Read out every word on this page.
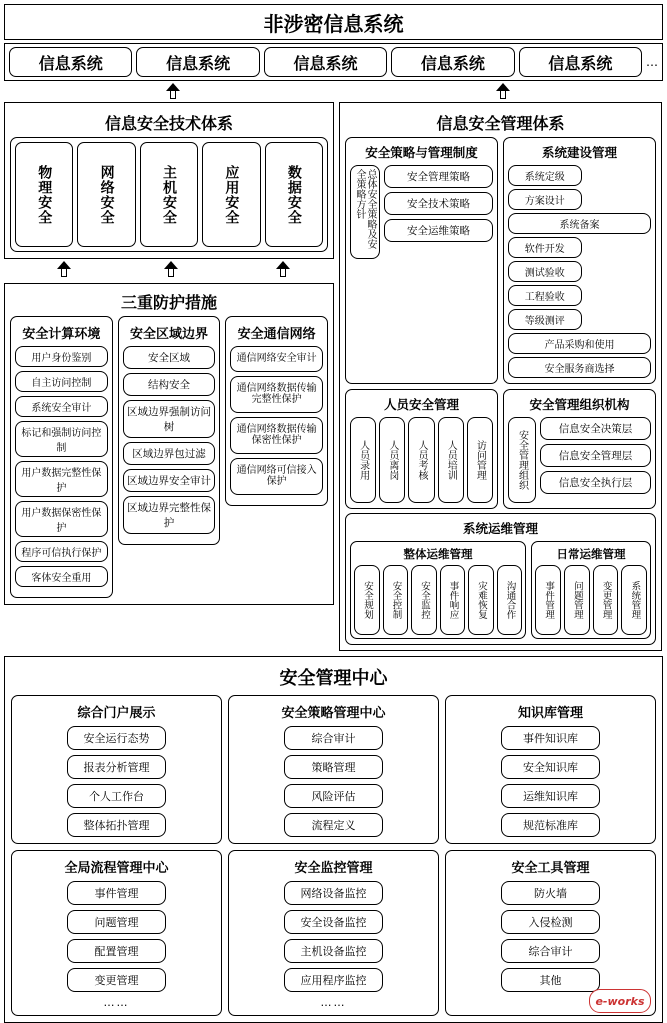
非涉密信息系统
信息系统	信息系统	信息系统	信息系统	信息系统	…
信息安全技术体系
物理安全	网络安全	主机安全	应用安全	数据安全
三重防护措施
安全计算环境
用户身份鉴别
自主访问控制
系统安全审计
标记和强制访问控制
用户数据完整性保护
用户数据保密性保护
程序可信执行保护
客体安全重用
安全区域边界
安全区域
结构安全
区域边界强制访问树
区域边界包过滤
区域边界安全审计
区域边界完整性保护
安全通信网络
通信网络安全审计
通信网络数据传输完整性保护
通信网络数据传输保密性保护
通信网络可信接入保护
信息安全管理体系
安全策略与管理制度
总体安全策略及安全策略方针	安全管理策略
安全技术策略
安全运维策略
系统建设管理
系统定级
方案设计
系统备案
软件开发
测试验收
工程验收
等级测评
产品采购和使用
安全服务商选择
人员安全管理
人员录用	人员离岗	人员考核	人员培训	访问管理
安全管理组织机构
安全管理组织
信息安全决策层
信息安全管理层
信息安全执行层
系统运维管理
整体运维管理
安全规划	安全控制	安全监控	事件响应	灾难恢复	沟通合作
日常运维管理
事件管理	问题管理	变更管理	系统管理
安全管理中心
综合门户展示
安全运行态势
报表分析管理
个人工作台
整体拓扑管理
安全策略管理中心
综合审计
策略管理
风险评估
流程定义
知识库管理
事件知识库
安全知识库
运维知识库
规范标准库
全局流程管理中心
事件管理
问题管理
配置管理
变更管理
……
安全监控管理
网络设备监控
安全设备监控
主机设备监控
应用程序监控
……
安全工具管理
防火墙
入侵检测
综合审计
其他
e-works
